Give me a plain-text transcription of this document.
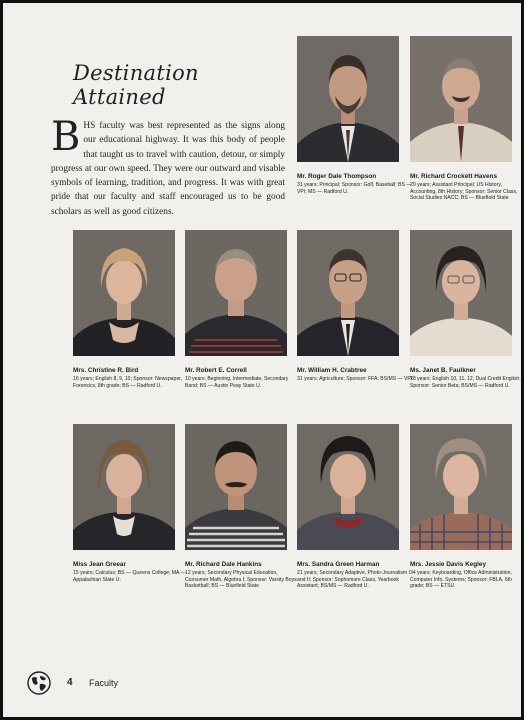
Destination Attained

BHS faculty was best represented as the signs along our educational highway. It was this body of people that taught us to travel with caution, detour, or simply progress at our own speed. They were our outward and visable symbols of learning, tradition, and progress. It was with great pride that our faculty and staff encouraged us to be good scholars as well as good citizens.

Mr. Roger Dale Thompson
31 years; Principal; Sponsor: Golf, Baseball; BS — VPI; MS — Radford U.
Mr. Richard Crockett Havens
29 years; Assistant Principal; US History, Accounting, 8th History; Sponsor: Senior Class, Social Studies NACC; BS — Bluefield State
Mrs. Christine R. Bird
16 years; English 8, 9, 10; Sponsor: Newspaper, Forensics, 8th grade; BS — Radford U.
Mr. Robert E. Correll
10 years; Beginning, Intermediate, Secondary Band; BS — Austin Peay State U.
Mr. William H. Crabtree
31 years; Agriculture; Sponsor: FFA; BS/MS — VPI
Ms. Janet B. Faulkner
28 years; English 10, 11, 12, Dual Credit English; Sponsor: Senior Beta; BS/MS — Radford U.
Miss Jean Greear
15 years; Calculus; BS — Queens College; MA — Appalachian State U.
Mr. Richard Dale Hankins
12 years; Secondary Physical Education, Consumer Math, Algebra I; Sponsor: Varsity Boys Basketball; BS — Bluefield State
Mrs. Sandra Green Harman
21 years; Secondary Adaptive, Photo-Journalism I and II; Sponsor: Sophomore Class, Yearbook Assistant; BS/MS — Radford U.
Mrs. Jessie Davis Kegley
34 years; Keyboarding, Office Administration, Computer Info. Systems; Sponsor: FBLA, 6th grade; BS — ETSU
4 Faculty
